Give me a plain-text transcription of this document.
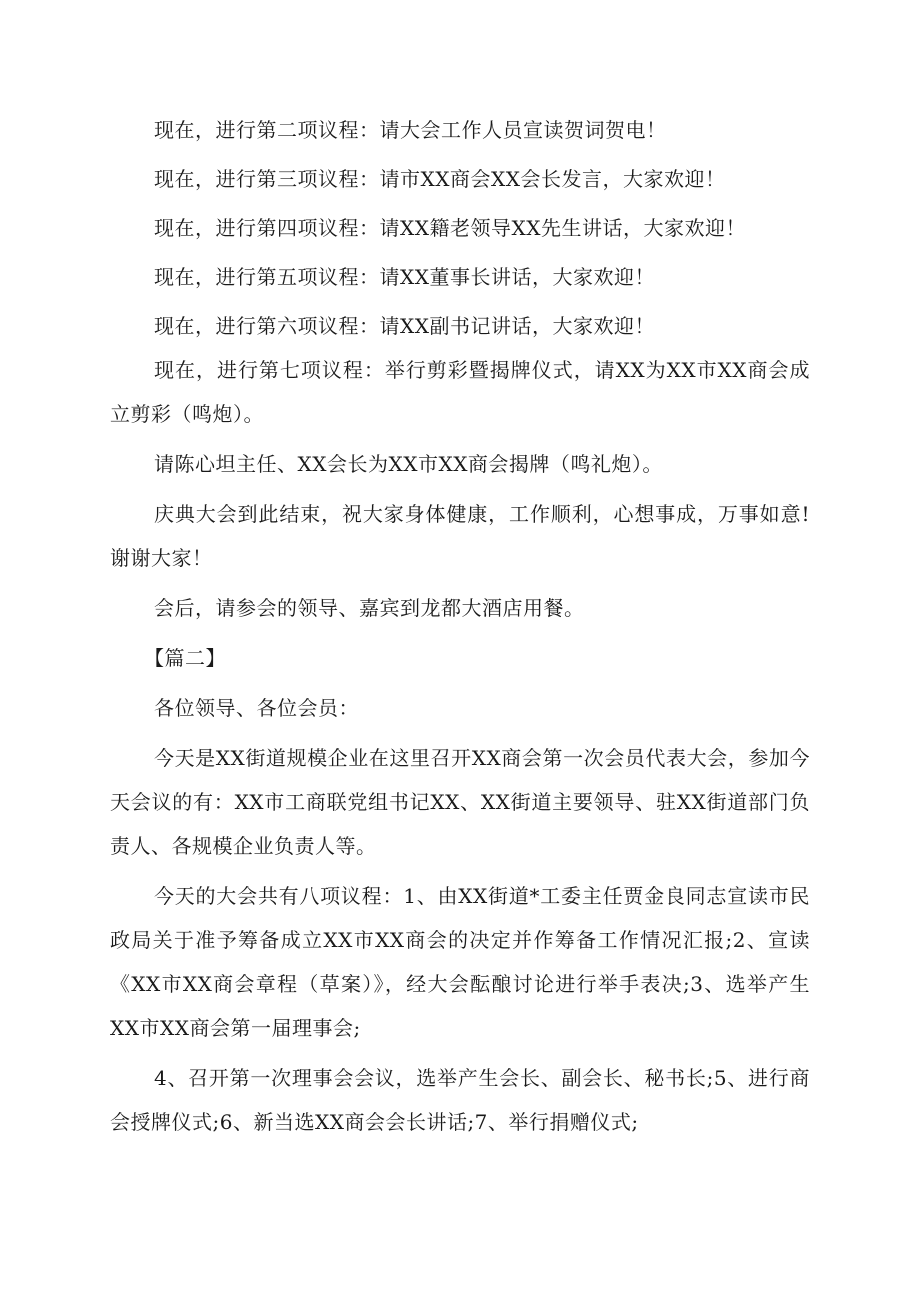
现在，进行第二项议程：请大会工作人员宣读贺词贺电！

现在，进行第三项议程：请市XX商会XX会长发言，大家欢迎！

现在，进行第四项议程：请XX籍老领导XX先生讲话，大家欢迎！

现在，进行第五项议程：请XX董事长讲话，大家欢迎！

现在，进行第六项议程：请XX副书记讲话，大家欢迎！

现在，进行第七项议程：举行剪彩暨揭牌仪式，请XX为XX市XX商会成立剪彩（鸣炮）。

请陈心坦主任、XX会长为XX市XX商会揭牌（鸣礼炮）。

庆典大会到此结束，祝大家身体健康，工作顺利，心想事成，万事如意!谢谢大家！

会后，请参会的领导、嘉宾到龙都大酒店用餐。

【篇二】

各位领导、各位会员：

今天是XX街道规模企业在这里召开XX商会第一次会员代表大会，参加今天会议的有：XX市工商联党组书记XX、XX街道主要领导、驻XX街道部门负责人、各规模企业负责人等。

今天的大会共有八项议程：1、由XX街道*工委主任贾金良同志宣读市民政局关于准予筹备成立XX市XX商会的决定并作筹备工作情况汇报;2、宣读《XX市XX商会章程（草案）》，经大会酝酿讨论进行举手表决;3、选举产生XX市XX商会第一届理事会;

4、召开第一次理事会会议，选举产生会长、副会长、秘书长;5、进行商会授牌仪式;6、新当选XX商会会长讲话;7、举行捐赠仪式;
